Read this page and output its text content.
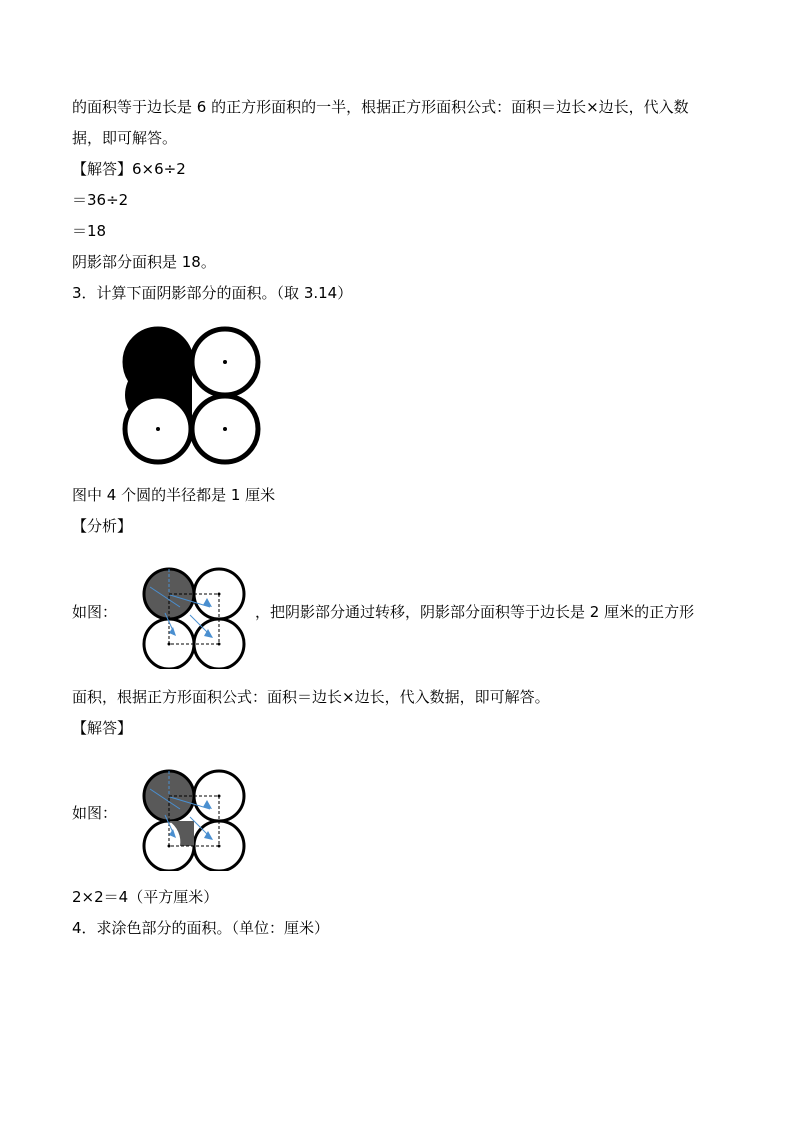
的面积等于边长是 6 的正方形面积的一半，根据正方形面积公式：面积＝边长×边长，代入数
据，即可解答。
【解答】6×6÷2
＝36÷2
＝18
阴影部分面积是 18。
3．计算下面阴影部分的面积。（取 3.14）
图中 4 个圆的半径都是 1 厘米
【分析】
如图：	，把阴影部分通过转移，阴影部分面积等于边长是 2 厘米的正方形
面积，根据正方形面积公式：面积＝边长×边长，代入数据，即可解答。
【解答】
如图：
2×2＝4（平方厘米）
4．求涂色部分的面积。（单位：厘米）
